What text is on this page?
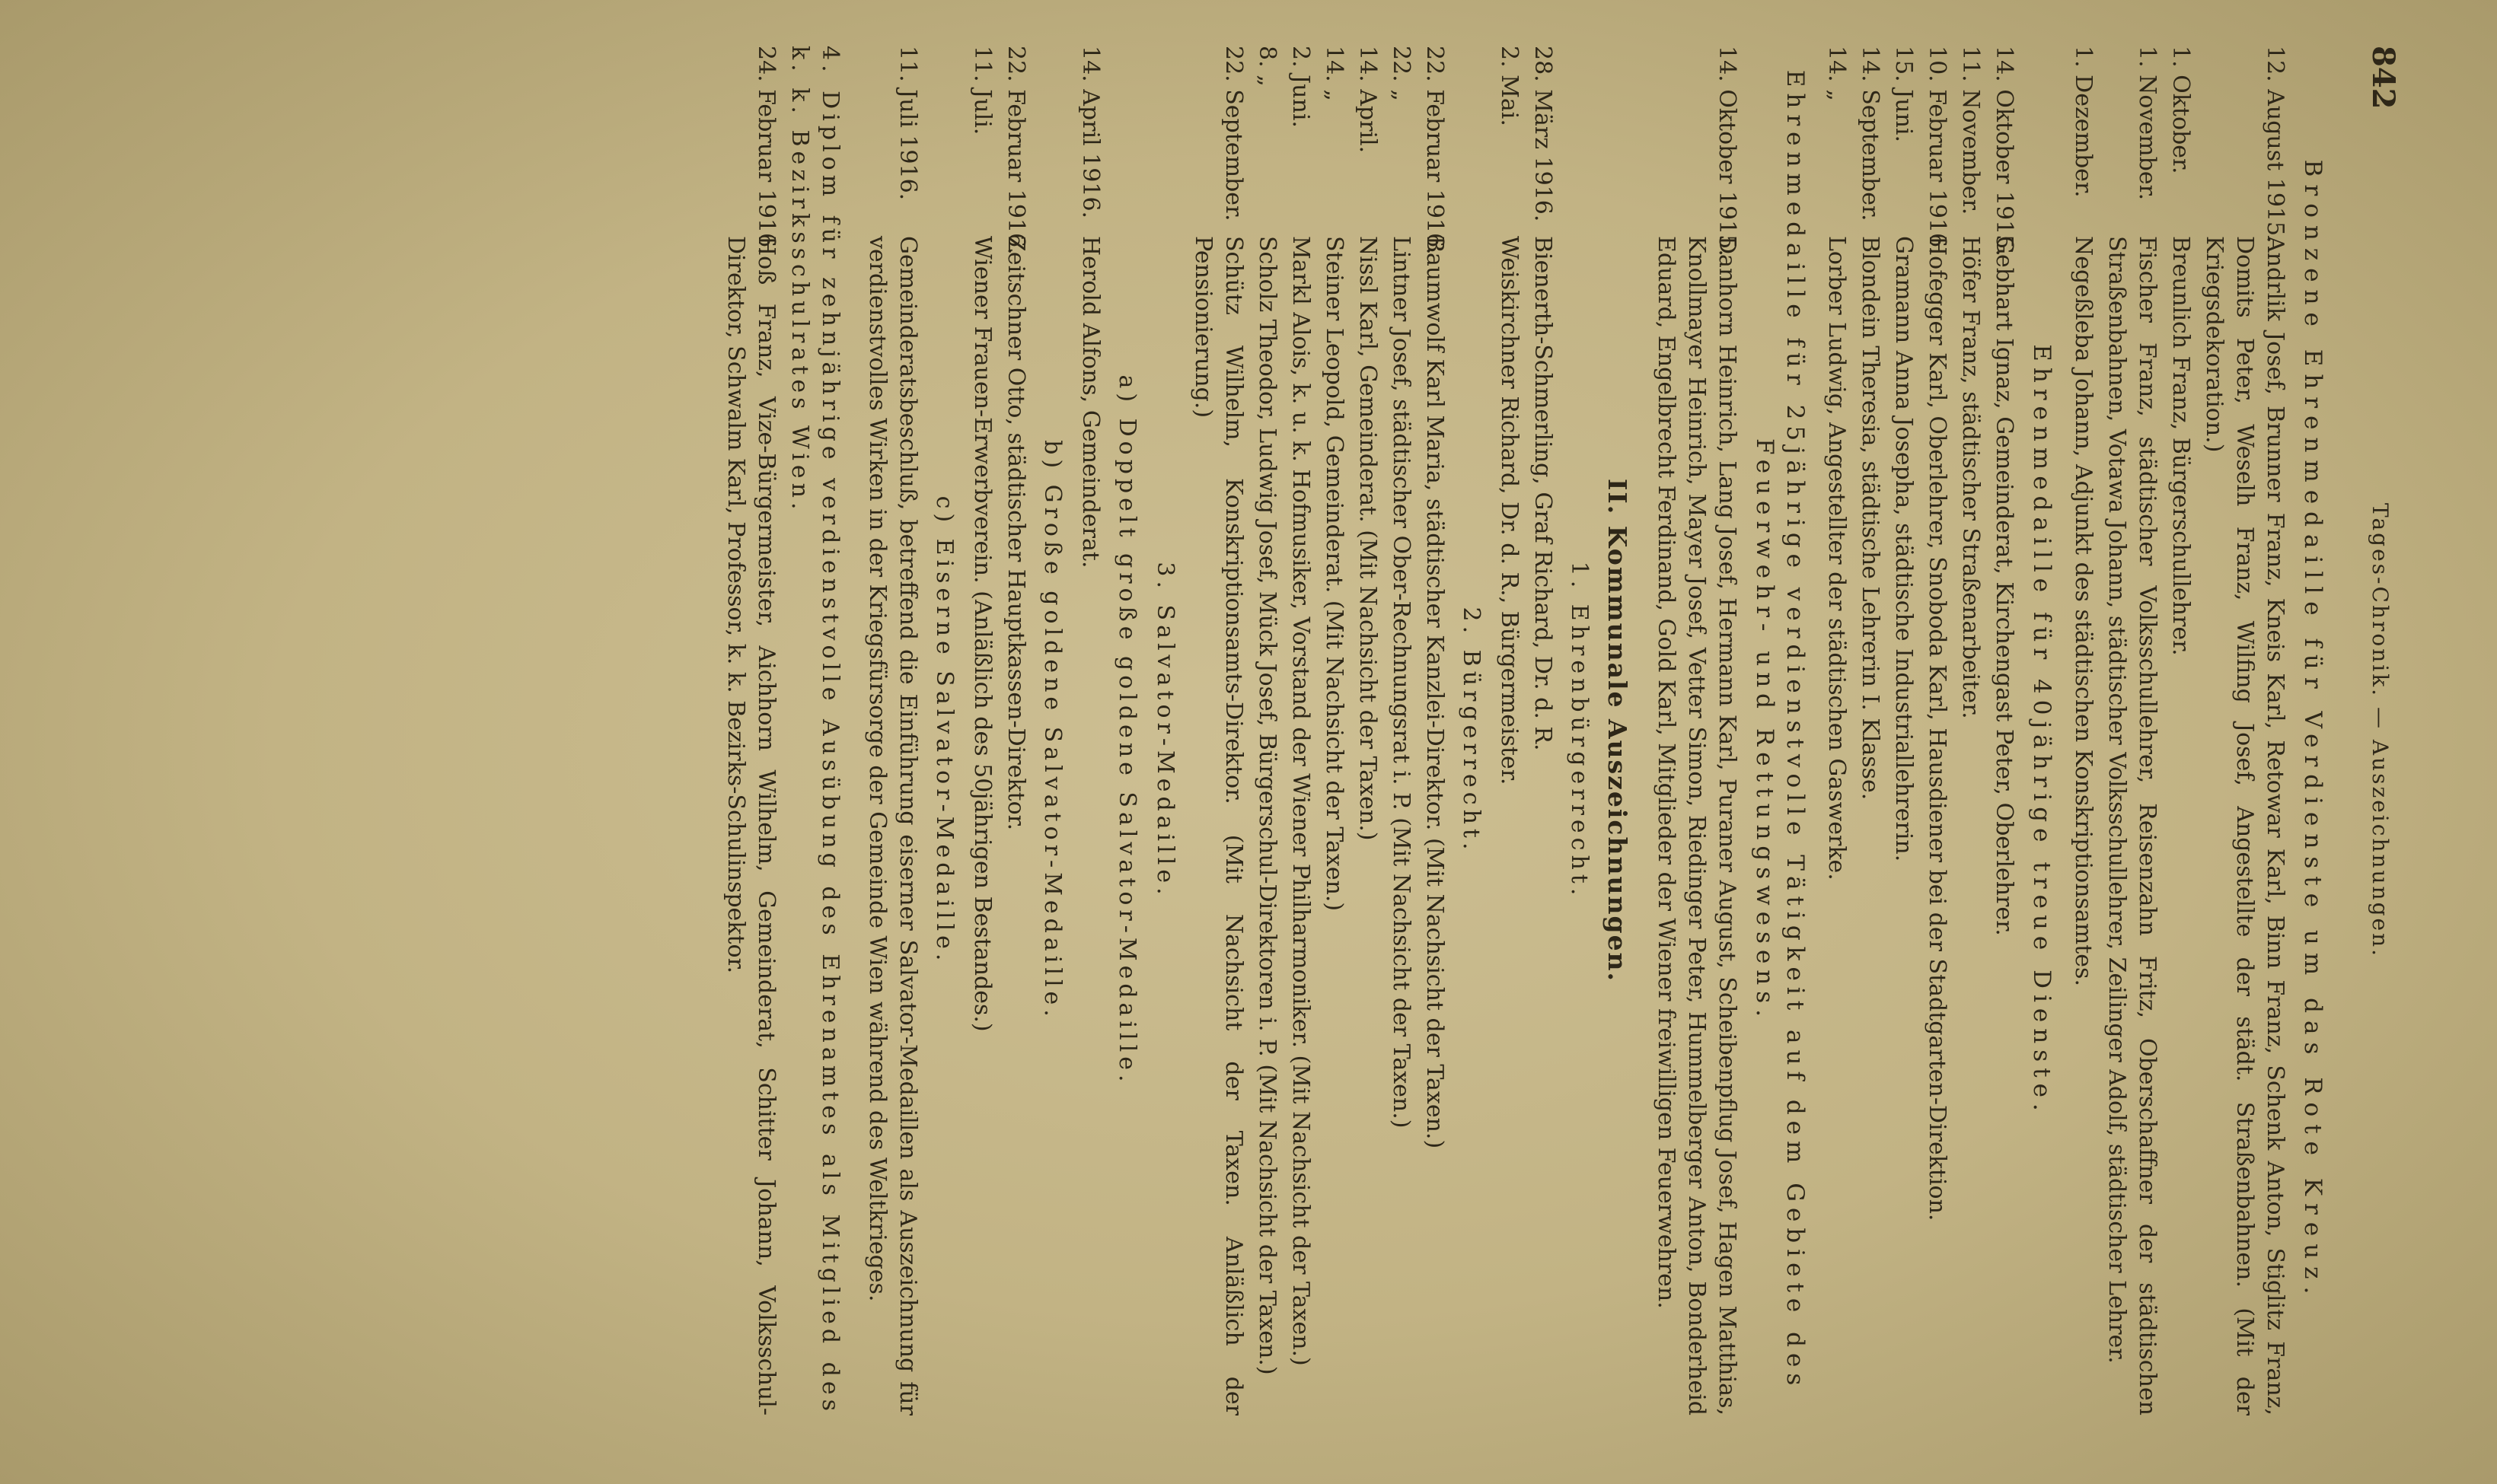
842
Tages-Chronik. — Auszeichnungen.
Bronzene Ehrenmedaille für Verdienste um das Rote Kreuz.
12. August 1915.
Andrlik Josef, Brunner Franz, Kneis Karl, Retowar Karl, Binn Franz, Schenk Anton, Stiglitz Franz, Domits Peter, Weselh Franz, Wilfing Josef, Angestellte der städt. Straßenbahnen. (Mit der Kriegsdekoration.)
1. Oktober.
Breunlich Franz, Bürgerschullehrer.
1. November.
Fischer Franz, städtischer Volksschullehrer, Reisenzahn Fritz, Oberschaffner der städtischen Straßenbahnen, Votawa Johann, städtischer Volksschullehrer, Zeilinger Adolf, städtischer Lehrer.
1. Dezember.
Negeßleba Johann, Adjunkt des städtischen Konskriptionsamtes.
Ehrenmedaille für 40jährige treue Dienste.
14. Oktober 1915.
Gebhart Ignaz, Gemeinderat, Kirchengast Peter, Oberlehrer.
11. November.
Höfer Franz, städtischer Straßenarbeiter.
10. Februar 1916.
Hofegger Karl, Oberlehrer, Snoboda Karl, Hausdiener bei der Stadtgarten-Direktion.
15. Juni.
Gramann Anna Josepha, städtische Industriallehrerin.
14. September.
Blondein Theresia, städtische Lehrerin I. Klasse.
14. „
Lorber Ludwig, Angestellter der städtischen Gaswerke.
Ehrenmedaille für 25jährige verdienstvolle Tätigkeit auf dem Gebiete des Feuerwehr- und Rettungswesens.
14. Oktober 1915.
Danhorn Heinrich, Lang Josef, Hermann Karl, Puraner August, Scheibenpflug Josef, Hagen Matthias, Knollmayer Heinrich, Mayer Josef, Vetter Simon, Riedinger Peter, Hummelberger Anton, Bonderheid Eduard, Engelbrecht Ferdinand, Gold Karl, Mitglieder der Wiener freiwilligen Feuerwehren.
II. Kommunale Auszeichnungen.
1. Ehrenbürgerrecht.
28. März 1916.
Bienerth-Schmerling, Graf Richard, Dr. d. R.
2. Mai.
Weiskirchner Richard, Dr. d. R., Bürgermeister.
2. Bürgerrecht.
22. Februar 1916.
Baumwolf Karl Maria, städtischer Kanzlei-Direktor. (Mit Nachsicht der Taxen.)
22. „
Lintner Josef, städtischer Ober-Rechnungsrat i. P. (Mit Nachsicht der Taxen.)
14. April.
Nissl Karl, Gemeinderat. (Mit Nachsicht der Taxen.)
14. „
Steiner Leopold, Gemeinderat. (Mit Nachsicht der Taxen.)
2. Juni.
Markl Alois, k. u. k. Hofmusiker, Vorstand der Wiener Philharmoniker. (Mit Nachsicht der Taxen.)
8. „
Scholz Theodor, Ludwig Josef, Mück Josef, Bürgerschul-Direktoren i. P. (Mit Nachsicht der Taxen.)
22. September.
Schütz Wilhelm, Konskriptionsamts-Direktor. (Mit Nachsicht der Taxen. Anläßlich der Pensionierung.)
3. Salvator-Medaille.
a) Doppelt große goldene Salvator-Medaille.
14. April 1916.
Herold Alfons, Gemeinderat.
b) Große goldene Salvator-Medaille.
22. Februar 1916.
Zeitschner Otto, städtischer Hauptkassen-Direktor.
11. Juli.
Wiener Frauen-Erwerbverein. (Anläßlich des 50jährigen Bestandes.)
c) Eiserne Salvator-Medaille.
11. Juli 1916.
Gemeinderatsbeschluß, betreffend die Einführung eiserner Salvator-Medaillen als Auszeichnung für verdienstvolles Wirken in der Kriegsfürsorge der Gemeinde Wien während des Weltkrieges.
4. Diplom für zehnjährige verdienstvolle Ausübung des Ehrenamtes als Mitglied des k. k. Bezirksschulrates Wien.
24. Februar 1916.
Hoß Franz, Vize-Bürgermeister, Aichhorn Wilhelm, Gemeinderat, Schitter Johann, Volksschul-Direktor, Schwalm Karl, Professor, k. k. Bezirks-Schulinspektor.
